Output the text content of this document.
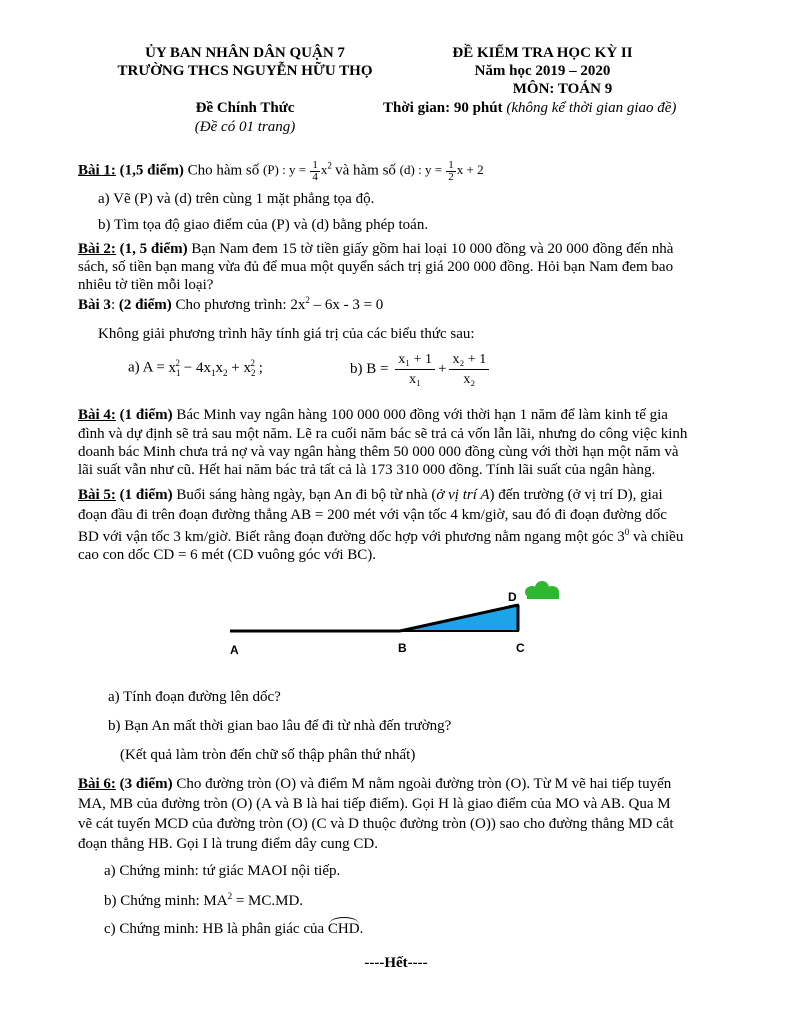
ỦY BAN NHÂN DÂN QUẬN 7
TRƯỜNG THCS NGUYỄN HỮU THỌ
Đề Chính Thức
(Đề có 01 trang)
ĐỀ KIỂM TRA HỌC KỲ II
Năm học 2019 – 2020
MÔN: TOÁN 9
Thời gian: 90 phút (không kể thời gian giao đề)
Bài 1: (1,5 điểm) Cho hàm số (P) : $y = \frac{1}{4} x^2$ và hàm số (d) : $y = \frac{1}{2}$ x + 2
a) Vẽ (P) và (d) trên cùng 1 mặt phẳng tọa độ.
b) Tìm tọa độ giao điểm của (P) và (d) bằng phép toán.
Bài 2: (1, 5 điểm) Bạn Nam đem 15 tờ tiền giấy gồm hai loại 10 000 đồng và 20 000 đồng đến nhà
sách, số tiền bạn mang vừa đủ để mua một quyển sách trị giá 200 000 đồng. Hỏi bạn Nam đem bao
nhiêu tờ tiền mỗi loại?
Bài 3: (2 điểm) Cho phương trình: $2x^2 - 6x - 3 = 0$
Không giải phương trình hãy tính giá trị của các biểu thức sau:
a) $A = x_1^2 - 4x_1x_2 + x_2^2$ ;	b) $B = \frac{\text{x₁ + 1}}{\text{x₁}} + \frac{\text{x₂ + 1}}{\text{x₂}}$
Bài 4: (1 điểm) Bác Minh vay ngân hàng 100 000 000 đồng với thời hạn 1 năm để làm kinh tế gia
đình và dự định sẽ trả sau một năm. Lẽ ra cuối năm bác sẽ trả cả vốn lẫn lãi, nhưng do công việc kinh
doanh bác Minh chưa trả nợ và vay ngân hàng thêm 50 000 000 đồng cùng với thời hạn một năm và
lãi suất vẫn như cũ. Hết hai năm bác trả tất cả là 173 310 000 đồng. Tính lãi suất của ngân hàng.
Bài 5: (1 điểm) Buổi sáng hàng ngày, bạn An đi bộ từ nhà (ở vị trí A) đến trường (ở vị trí D), giai
đoạn đầu đi trên đoạn đường thẳng AB = 200 mét với vận tốc 4 km/giờ, sau đó đi đoạn đường dốc
BD với vận tốc 3 km/giờ. Biết rằng đoạn đường dốc hợp với phương nằm ngang một góc $3^0$ và chiều
cao con dốc CD = 6 mét (CD vuông góc với BC).
A	B	C
D
a) Tính đoạn đường lên dốc?
b) Bạn An mất thời gian bao lâu để đi từ nhà đến trường?
(Kết quả làm tròn đến chữ số thập phân thứ nhất)
Bài 6: (3 điểm) Cho đường tròn (O) và điểm M nằm ngoài đường tròn (O). Từ M vẽ hai tiếp tuyến
MA, MB của đường tròn (O) (A và B là hai tiếp điểm). Gọi H là giao điểm của MO và AB. Qua M
vẽ cát tuyến MCD của đường tròn (O) (C và D thuộc đường tròn (O)) sao cho đường thẳng MD cắt
đoạn thẳng HB. Gọi I là trung điểm dây cung CD.
a) Chứng minh: tứ giác MAOI nội tiếp.
b) Chứng minh: $MA^2 = MC.MD$.
c) Chứng minh: HB là phân giác của CHD.
----Hết----
